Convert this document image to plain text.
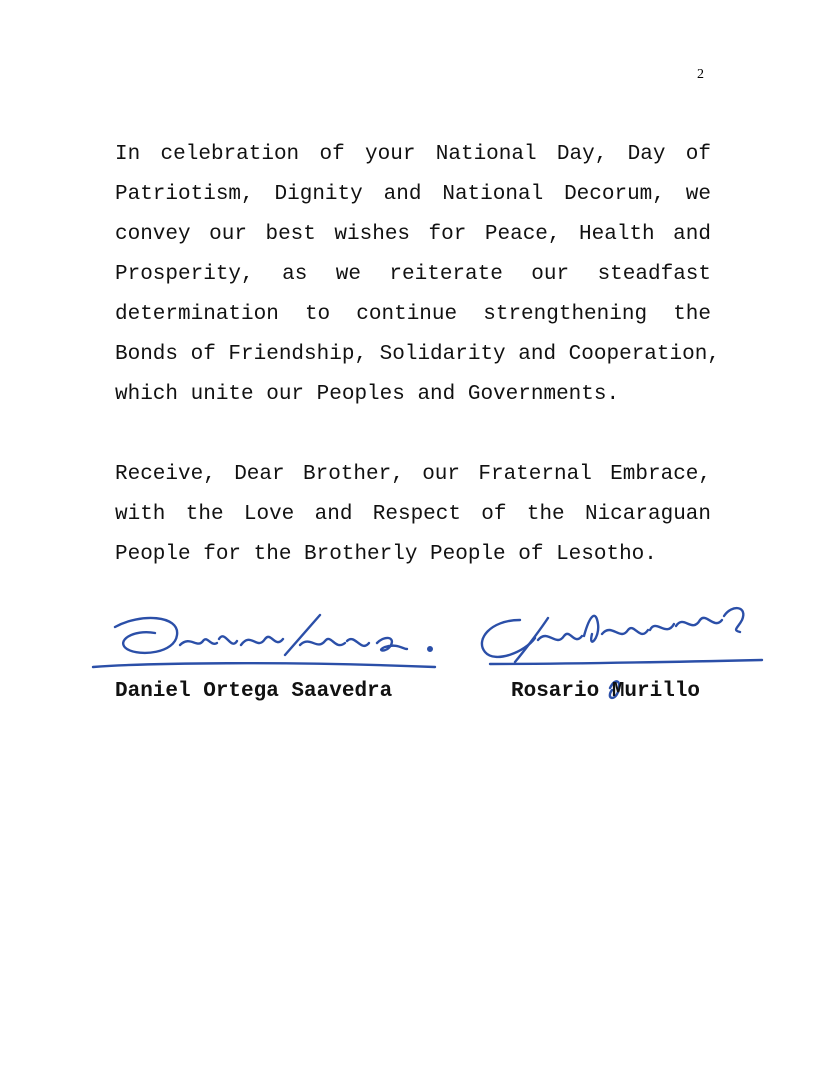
2
In celebration of your National Day, Day of
Patriotism, Dignity and National Decorum, we
convey our best wishes for Peace, Health and
Prosperity, as we reiterate our steadfast
determination to continue strengthening the
Bonds of Friendship, Solidarity and Cooperation,
which unite our Peoples and Governments.
Receive, Dear Brother, our Fraternal Embrace,
with the Love and Respect of the Nicaraguan
People for the Brotherly People of Lesotho.
Daniel Ortega Saavedra	Rosario Murillo
